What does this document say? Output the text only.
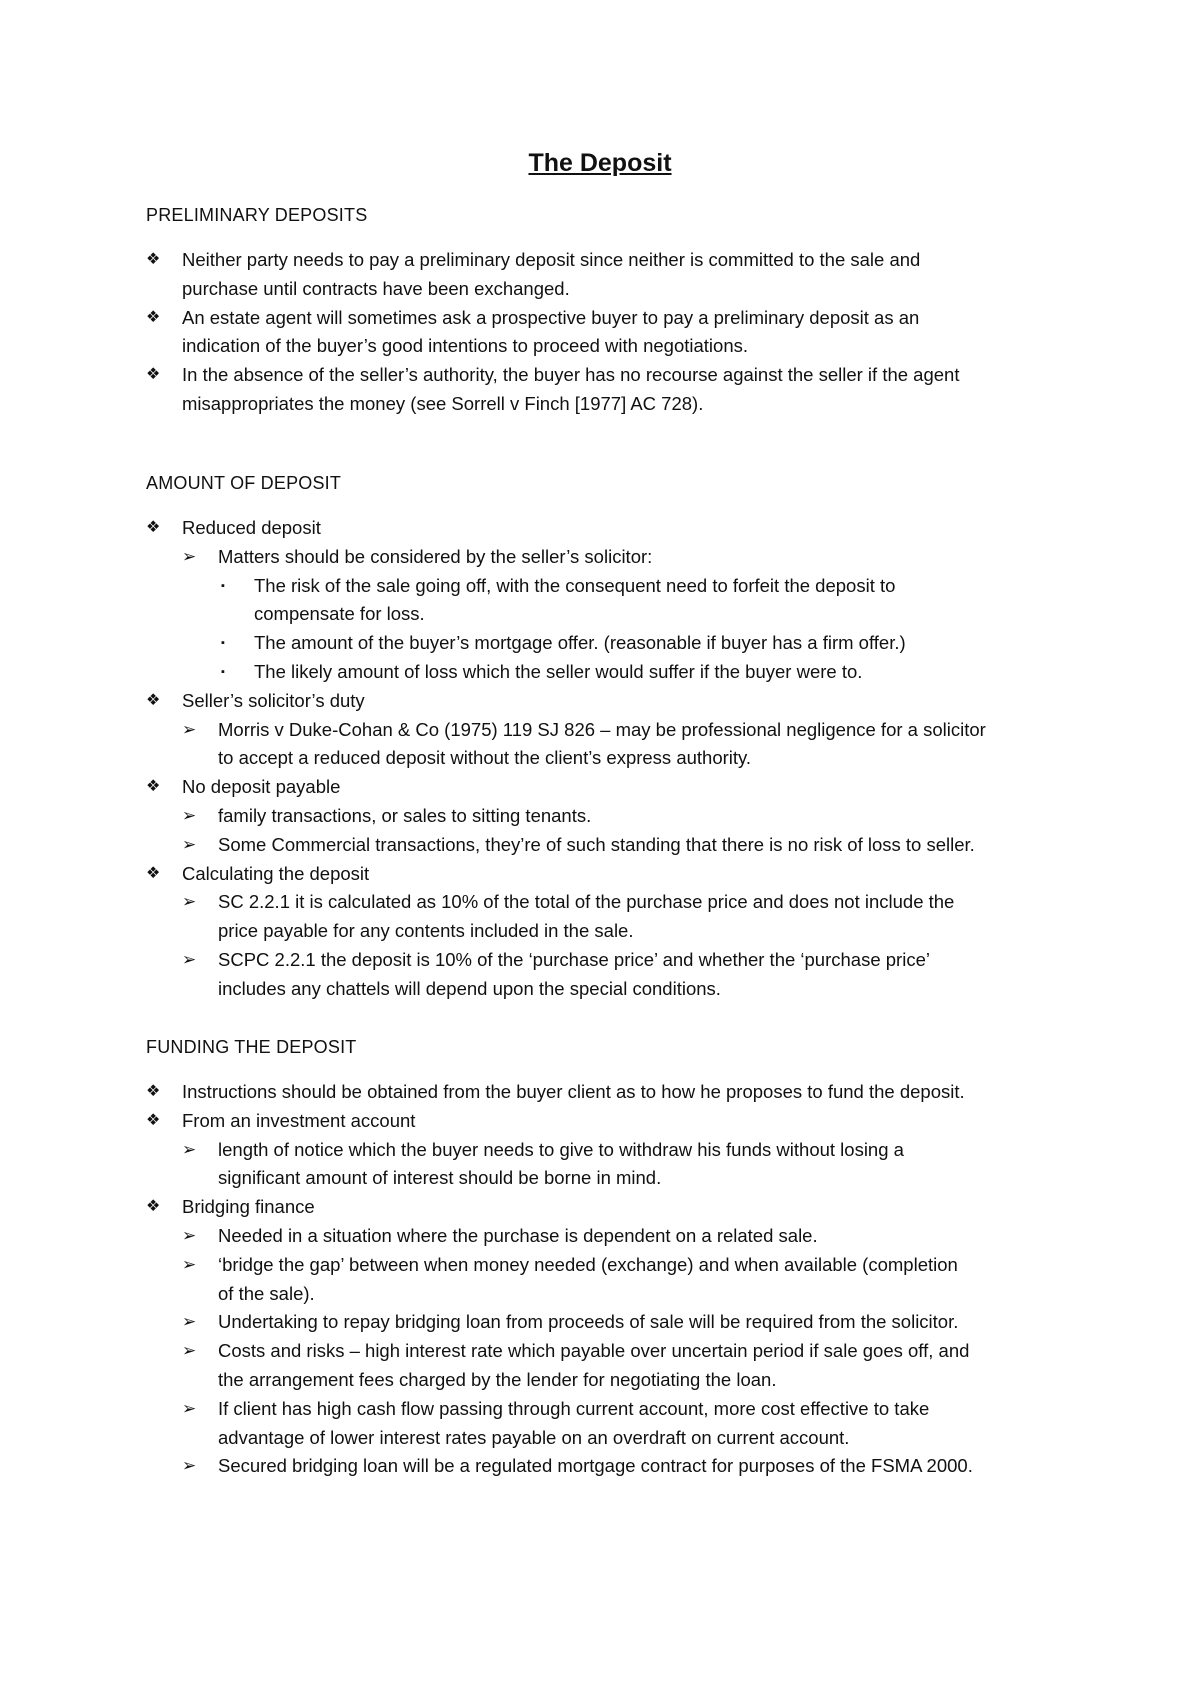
The Deposit
PRELIMINARY DEPOSITS
❖ Neither party needs to pay a preliminary deposit since neither is committed to the sale and
purchase until contracts have been exchanged.
❖ An estate agent will sometimes ask a prospective buyer to pay a preliminary deposit as an
indication of the buyer’s good intentions to proceed with negotiations.
❖ In the absence of the seller’s authority, the buyer has no recourse against the seller if the agent
misappropriates the money (see Sorrell v Finch [1977] AC 728).
AMOUNT OF DEPOSIT
❖ Reduced deposit
➢ Matters should be considered by the seller’s solicitor:
▪ The risk of the sale going off, with the consequent need to forfeit the deposit to
compensate for loss.
▪ The amount of the buyer’s mortgage offer. (reasonable if buyer has a firm offer.)
▪ The likely amount of loss which the seller would suffer if the buyer were to.
❖ Seller’s solicitor’s duty
➢ Morris v Duke-Cohan & Co (1975) 119 SJ 826 – may be professional negligence for a solicitor
to accept a reduced deposit without the client’s express authority.
❖ No deposit payable
➢ family transactions, or sales to sitting tenants.
➢ Some Commercial transactions, they’re of such standing that there is no risk of loss to seller.
❖ Calculating the deposit
➢ SC 2.2.1 it is calculated as 10% of the total of the purchase price and does not include the
price payable for any contents included in the sale.
➢ SCPC 2.2.1 the deposit is 10% of the ‘purchase price’ and whether the ‘purchase price’
includes any chattels will depend upon the special conditions.
FUNDING THE DEPOSIT
❖ Instructions should be obtained from the buyer client as to how he proposes to fund the deposit.
❖ From an investment account
➢ length of notice which the buyer needs to give to withdraw his funds without losing a
significant amount of interest should be borne in mind.
❖ Bridging finance
➢ Needed in a situation where the purchase is dependent on a related sale.
➢ ‘bridge the gap’ between when money needed (exchange) and when available (completion
of the sale).
➢ Undertaking to repay bridging loan from proceeds of sale will be required from the solicitor.
➢ Costs and risks – high interest rate which payable over uncertain period if sale goes off, and
the arrangement fees charged by the lender for negotiating the loan.
➢ If client has high cash flow passing through current account, more cost effective to take
advantage of lower interest rates payable on an overdraft on current account.
➢ Secured bridging loan will be a regulated mortgage contract for purposes of the FSMA 2000.
